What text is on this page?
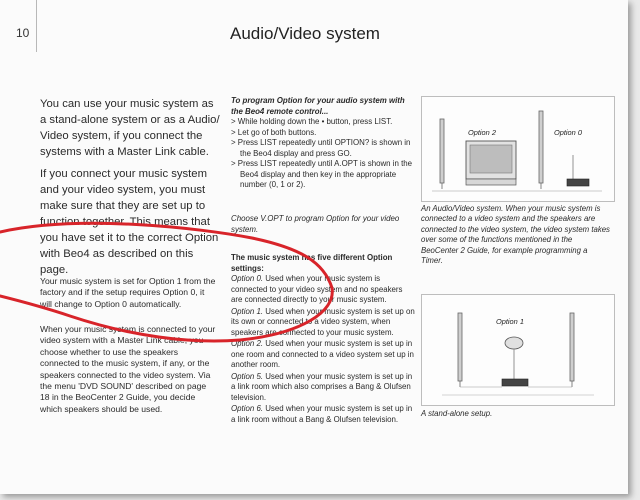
10	Audio/Video system

You can use your music system as a stand-alone system or as a Audio/ Video system, if you connect the systems with a Master Link cable.

If you connect your music system and your video system, you must make sure that they are set up to function together. This means that you have set it to the correct Option with Beo4 as described on this page.

Your music system is set for Option 1 from the factory and if the setup requires Option 0, it will change to Option 0 automatically.

When your music system is connected to your video system with a Master Link cable, you choose whether to use the speakers connected to the music system, if any, or the speakers connected to the video system. Via the menu 'DVD SOUND' described on page 18 in the BeoCenter 2 Guide, you decide which speakers should be used.

To program Option for your audio system with the Beo4 remote control...

> While holding down the • button, press LIST.
> Let go of both buttons.
> Press LIST repeatedly until OPTION? is shown in the Beo4 display and press GO.
> Press LIST repeatedly until A.OPT is shown in the Beo4 display and then key in the appropriate number (0, 1 or 2).

Choose V.OPT to program Option for your video system.

The music system has five different Option settings:

Option 0. Used when your music system is connected to your video system and no speakers are connected directly to your music system.

Option 1. Used when your music system is set up on its own or connected to a video system, when speakers are connected to your music system.

Option 2. Used when your music system is set up in one room and connected to a video system set up in another room.

Option 5. Used when your music system is set up in a link room which also comprises a Bang & Olufsen television.

Option 6. Used when your music system is set up in a link room without a Bang & Olufsen television.

Option 2	Option 0
An Audio/Video system. When your music system is connected to a video system and the speakers are connected to the video system, the video system takes over some of the functions mentioned in the BeoCenter 2 Guide, for example programming a Timer.
Option 1
A stand-alone setup.
